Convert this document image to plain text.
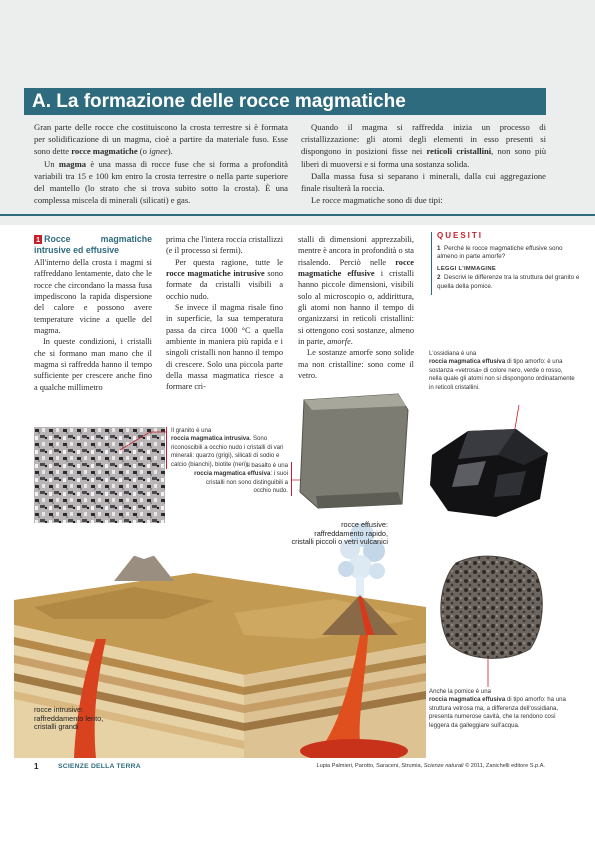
A. La formazione delle rocce magmatiche

Gran parte delle rocce che costituiscono la crosta terrestre si è formata per solidificazione di un magma, cioè a partire da materiale fuso. Esse sono dette rocce magmatiche (o ignee).

Un magma è una massa di rocce fuse che si forma a profondità variabili tra 15 e 100 km entro la crosta terrestre o nella parte superiore del mantello (lo strato che si trova subito sotto la crosta). È una complessa miscela di minerali (silicati) e gas.

Quando il magma si raffredda inizia un processo di cristallizzazione: gli atomi degli elementi in esso presenti si dispongono in posizioni fisse nei reticoli cristallini, non sono più liberi di muoversi e si forma una sostanza solida.

Dalla massa fusa si separano i minerali, dalla cui aggregazione finale risulterà la roccia.

Le rocce magmatiche sono di due tipi:

1 Rocce magmatiche intrusive ed effusive

All'interno della crosta i magmi si raffreddano lentamente, dato che le rocce che circondano la massa fusa impediscono la rapida dispersione del calore e possono avere temperature vicine a quelle del magma.

In queste condizioni, i cristalli che si formano man mano che il magma si raffredda hanno il tempo sufficiente per crescere anche fino a qualche millimetro

prima che l'intera roccia cristallizzi (e il processo si fermi).

Per questa ragione, tutte le rocce magmatiche intrusive sono formate da cristalli visibili a occhio nudo.

Se invece il magma risale fino in superficie, la sua temperatura passa da circa 1000 °C a quella ambiente in maniera più rapida e i singoli cristalli non hanno il tempo di crescere. Solo una piccola parte della massa magmatica riesce a formare cri-

stalli di dimensioni apprezzabili, mentre è ancora in profondità o sta risalendo. Perciò nelle rocce magmatiche effusive i cristalli hanno piccole dimensioni, visibili solo al microscopio o, addirittura, gli atomi non hanno il tempo di organizzarsi in reticoli cristallini: si ottengono così sostanze, almeno in parte, amorfe.

Le sostanze amorfe sono solide ma non cristalline: sono come il vetro.

QUESITI

1 Perché le rocce magmatiche effusive sono almeno in parte amorfe?

LEGGI L'IMMAGINE

2 Descrivi le differenze tra la struttura del granito e quella della pomice.

L'ossidiana è una
roccia magmatica effusiva di tipo amorfo: è una sostanza «vetrosa» di colore nero, verde o rosso, nella quale gli atomi non si dispongono ordinatamente in reticoli cristallini.

Il granito è una
roccia magmatica intrusiva. Sono riconoscibili a occhio nudo i cristalli di vari minerali: quarzo (grigi), silicati di sodio e calcio (bianchi), biotite (neri).

Il basalto è una
roccia magmatica effusiva: i suoi cristalli non sono distinguibili a occhio nudo.

Anche la pomice è una
roccia magmatica effusiva di tipo amorfo: ha una struttura vetrosa ma, a differenza dell'ossidiana, presenta numerose cavità, che la rendono così leggera da galleggiare sull'acqua.

rocce effusive:
raffreddamento rapido,
cristalli piccoli o vetri vulcanici
rocce intrusive:
raffreddamento lento,
cristalli grandi
1	SCIENZE DELLA TERRA	Lupia Palmieri, Parotto, Saraceni, Strumia, Scienze naturali © 2011, Zanichelli editore S.p.A.
